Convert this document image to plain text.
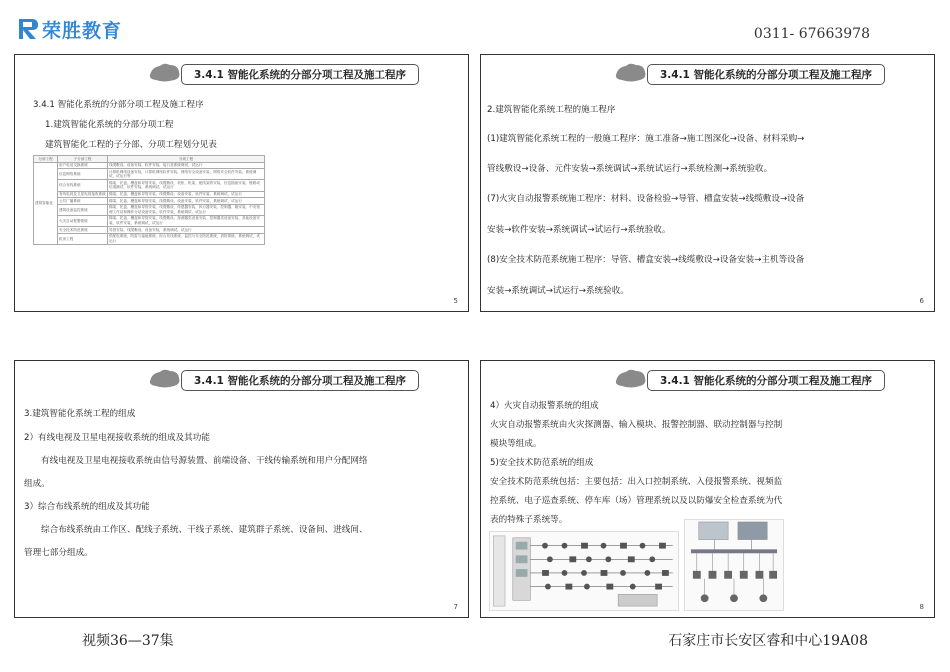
荣胜教育	0311- 67663978
3.4.1 智能化系统的分部分项工程及施工程序
3.4.1 智能化系统的分部分项工程及施工程序
1.建筑智能化系统的分部分项工程
建筑智能化工程的子分部、分项工程划分见表
分部工程	子分部工程	分项工程
建筑智能化	用户电话交换系统	线缆敷设，设备安装，软件安装，接口及系统调试，试运行
	信息网络系统	计算机网络设备安装，计算机网络软件安装，网络安全设备安装，网络安全软件安装，系统调试，试运行等
	综合布线系统	梯架、托盘、槽盒和导管安装，线缆敷设，机柜、机架、配线架的安装，信息插座安装，链路或信道测试，软件安装，系统调试，试运行
	有线电视及卫星电视接收系统	梯架、托盘、槽盒和导管安装，线缆敷设，设备安装，软件安装，系统调试，试运行
	公共广播系统	梯架、托盘、槽盒和导管安装，线缆敷设，设备安装，软件安装，系统调试，试运行
	建筑设备监控系统	梯架、托盘、槽盒和导管安装，线缆敷设，传感器安装，执行器安装，控制器、箱安装，中央管理工作站和操作分站设备安装，软件安装，系统调试，试运行
	火灾自动报警系统	梯架、托盘、槽盒和导管安装，线缆敷设，探测器类设备安装，控制器类设备安装，其他设备安装，软件安装，系统调试，试运行
	安全技术防范系统	导管安装，线缆敷设，设备安装，系统调试，试运行
	机房工程	供配电系统，防雷与接地系统，综合布线系统，监控与安全防范系统，消防系统，系统调试，试运行
5
3.4.1 智能化系统的分部分项工程及施工程序
2.建筑智能化系统工程的施工程序
(1)建筑智能化系统工程的一般施工程序：施工准备→施工图深化→设备、材料采购→
管线敷设→设备、元件安装→系统调试→系统试运行→系统检测→系统验收。
(7)火灾自动报警系统施工程序：材料、设备检验→导管、槽盒安装→线缆敷设→设备
安装→软件安装→系统调试→试运行→系统验收。
(8)安全技术防范系统施工程序：导管、槽盒安装→线缆敷设→设备安装→主机等设备
安装→系统调试→试运行→系统验收。
6
3.4.1 智能化系统的分部分项工程及施工程序
3.建筑智能化系统工程的组成
2）有线电视及卫星电视接收系统的组成及其功能
有线电视及卫星电视接收系统由信号源装置、前端设备、干线传输系统和用户分配网络
组成。
3）综合布线系统的组成及其功能
综合布线系统由工作区、配线子系统、干线子系统、建筑群子系统、设备间、进线间、
管理七部分组成。
7
3.4.1 智能化系统的分部分项工程及施工程序
4）火灾自动报警系统的组成
火灾自动报警系统由火灾探测器、输入模块、报警控制器、联动控制器与控制
模块等组成。
5)安全技术防范系统的组成
安全技术防范系统包括：主要包括：出入口控制系统、入侵报警系统、视频监
控系统、电子巡查系统、停车库（场）管理系统以及以防爆安全检查系统为代
表的特殊子系统等。
8
视频36—37集	石家庄市长安区睿和中心19A08
